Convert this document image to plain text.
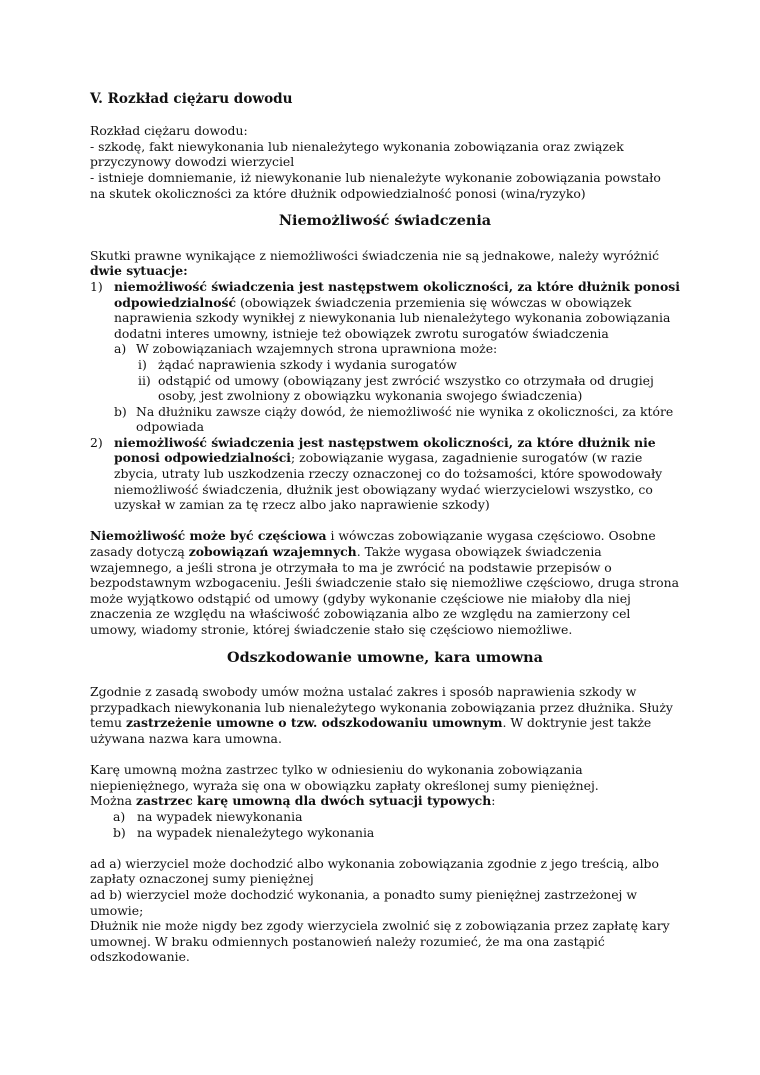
V. Rozkład ciężaru dowodu

Rozkład ciężaru dowodu:

- szkodę, fakt niewykonania lub nienależytego wykonania zobowiązania oraz związek przyczynowy dowodzi wierzyciel

- istnieje domniemanie, iż niewykonanie lub nienależyte wykonanie zobowiązania powstało na skutek okoliczności za które dłużnik odpowiedzialność ponosi (wina/ryzyko)

Niemożliwość świadczenia

Skutki prawne wynikające z niemożliwości świadczenia nie są jednakowe, należy wyróżnić dwie sytuacje:

1) niemożliwość świadczenia jest następstwem okoliczności, za które dłużnik ponosi odpowiedzialność (obowiązek świadczenia przemienia się wówczas w obowiązek naprawienia szkody wynikłej z niewykonania lub nienależytego wykonania zobowiązania dodatni interes umowny, istnieje też obowiązek zwrotu surogatów świadczenia
a) W zobowiązaniach wzajemnych strona uprawniona może:
i) żądać naprawienia szkody i wydania surogatów
ii) odstąpić od umowy (obowiązany jest zwrócić wszystko co otrzymała od drugiej osoby, jest zwolniony z obowiązku wykonania swojego świadczenia)
b) Na dłużniku zawsze ciąży dowód, że niemożliwość nie wynika z okoliczności, za które odpowiada
2) niemożliwość świadczenia jest następstwem okoliczności, za które dłużnik nie ponosi odpowiedzialności; zobowiązanie wygasa, zagadnienie surogatów (w razie zbycia, utraty lub uszkodzenia rzeczy oznaczonej co do tożsamości, które spowodowały niemożliwość świadczenia, dłużnik jest obowiązany wydać wierzycielowi wszystko, co uzyskał w zamian za tę rzecz albo jako naprawienie szkody)

Niemożliwość może być częściowa i wówczas zobowiązanie wygasa częściowo. Osobne zasady dotyczą zobowiązań wzajemnych. Także wygasa obowiązek świadczenia wzajemnego, a jeśli strona je otrzymała to ma je zwrócić na podstawie przepisów o bezpodstawnym wzbogaceniu. Jeśli świadczenie stało się niemożliwe częściowo, druga strona może wyjątkowo odstąpić od umowy (gdyby wykonanie częściowe nie miałoby dla niej znaczenia ze względu na właściwość zobowiązania albo ze względu na zamierzony cel umowy, wiadomy stronie, której świadczenie stało się częściowo niemożliwe.

Odszkodowanie umowne, kara umowna

Zgodnie z zasadą swobody umów można ustalać zakres i sposób naprawienia szkody w przypadkach niewykonania lub nienależytego wykonania zobowiązania przez dłużnika. Służy temu zastrzeżenie umowne o tzw. odszkodowaniu umownym. W doktrynie jest także używana nazwa kara umowna.

Karę umowną można zastrzec tylko w odniesieniu do wykonania zobowiązania niepieniężnego, wyraża się ona w obowiązku zapłaty określonej sumy pieniężnej.

Można zastrzec karę umowną dla dwóch sytuacji typowych:

a) na wypadek niewykonania
b) na wypadek nienależytego wykonania

ad a) wierzyciel może dochodzić albo wykonania zobowiązania zgodnie z jego treścią, albo zapłaty oznaczonej sumy pieniężnej

ad b) wierzyciel może dochodzić wykonania, a ponadto sumy pieniężnej zastrzeżonej w umowie;

Dłużnik nie może nigdy bez zgody wierzyciela zwolnić się z zobowiązania przez zapłatę kary umownej. W braku odmiennych postanowień należy rozumieć, że ma ona zastąpić odszkodowanie.
